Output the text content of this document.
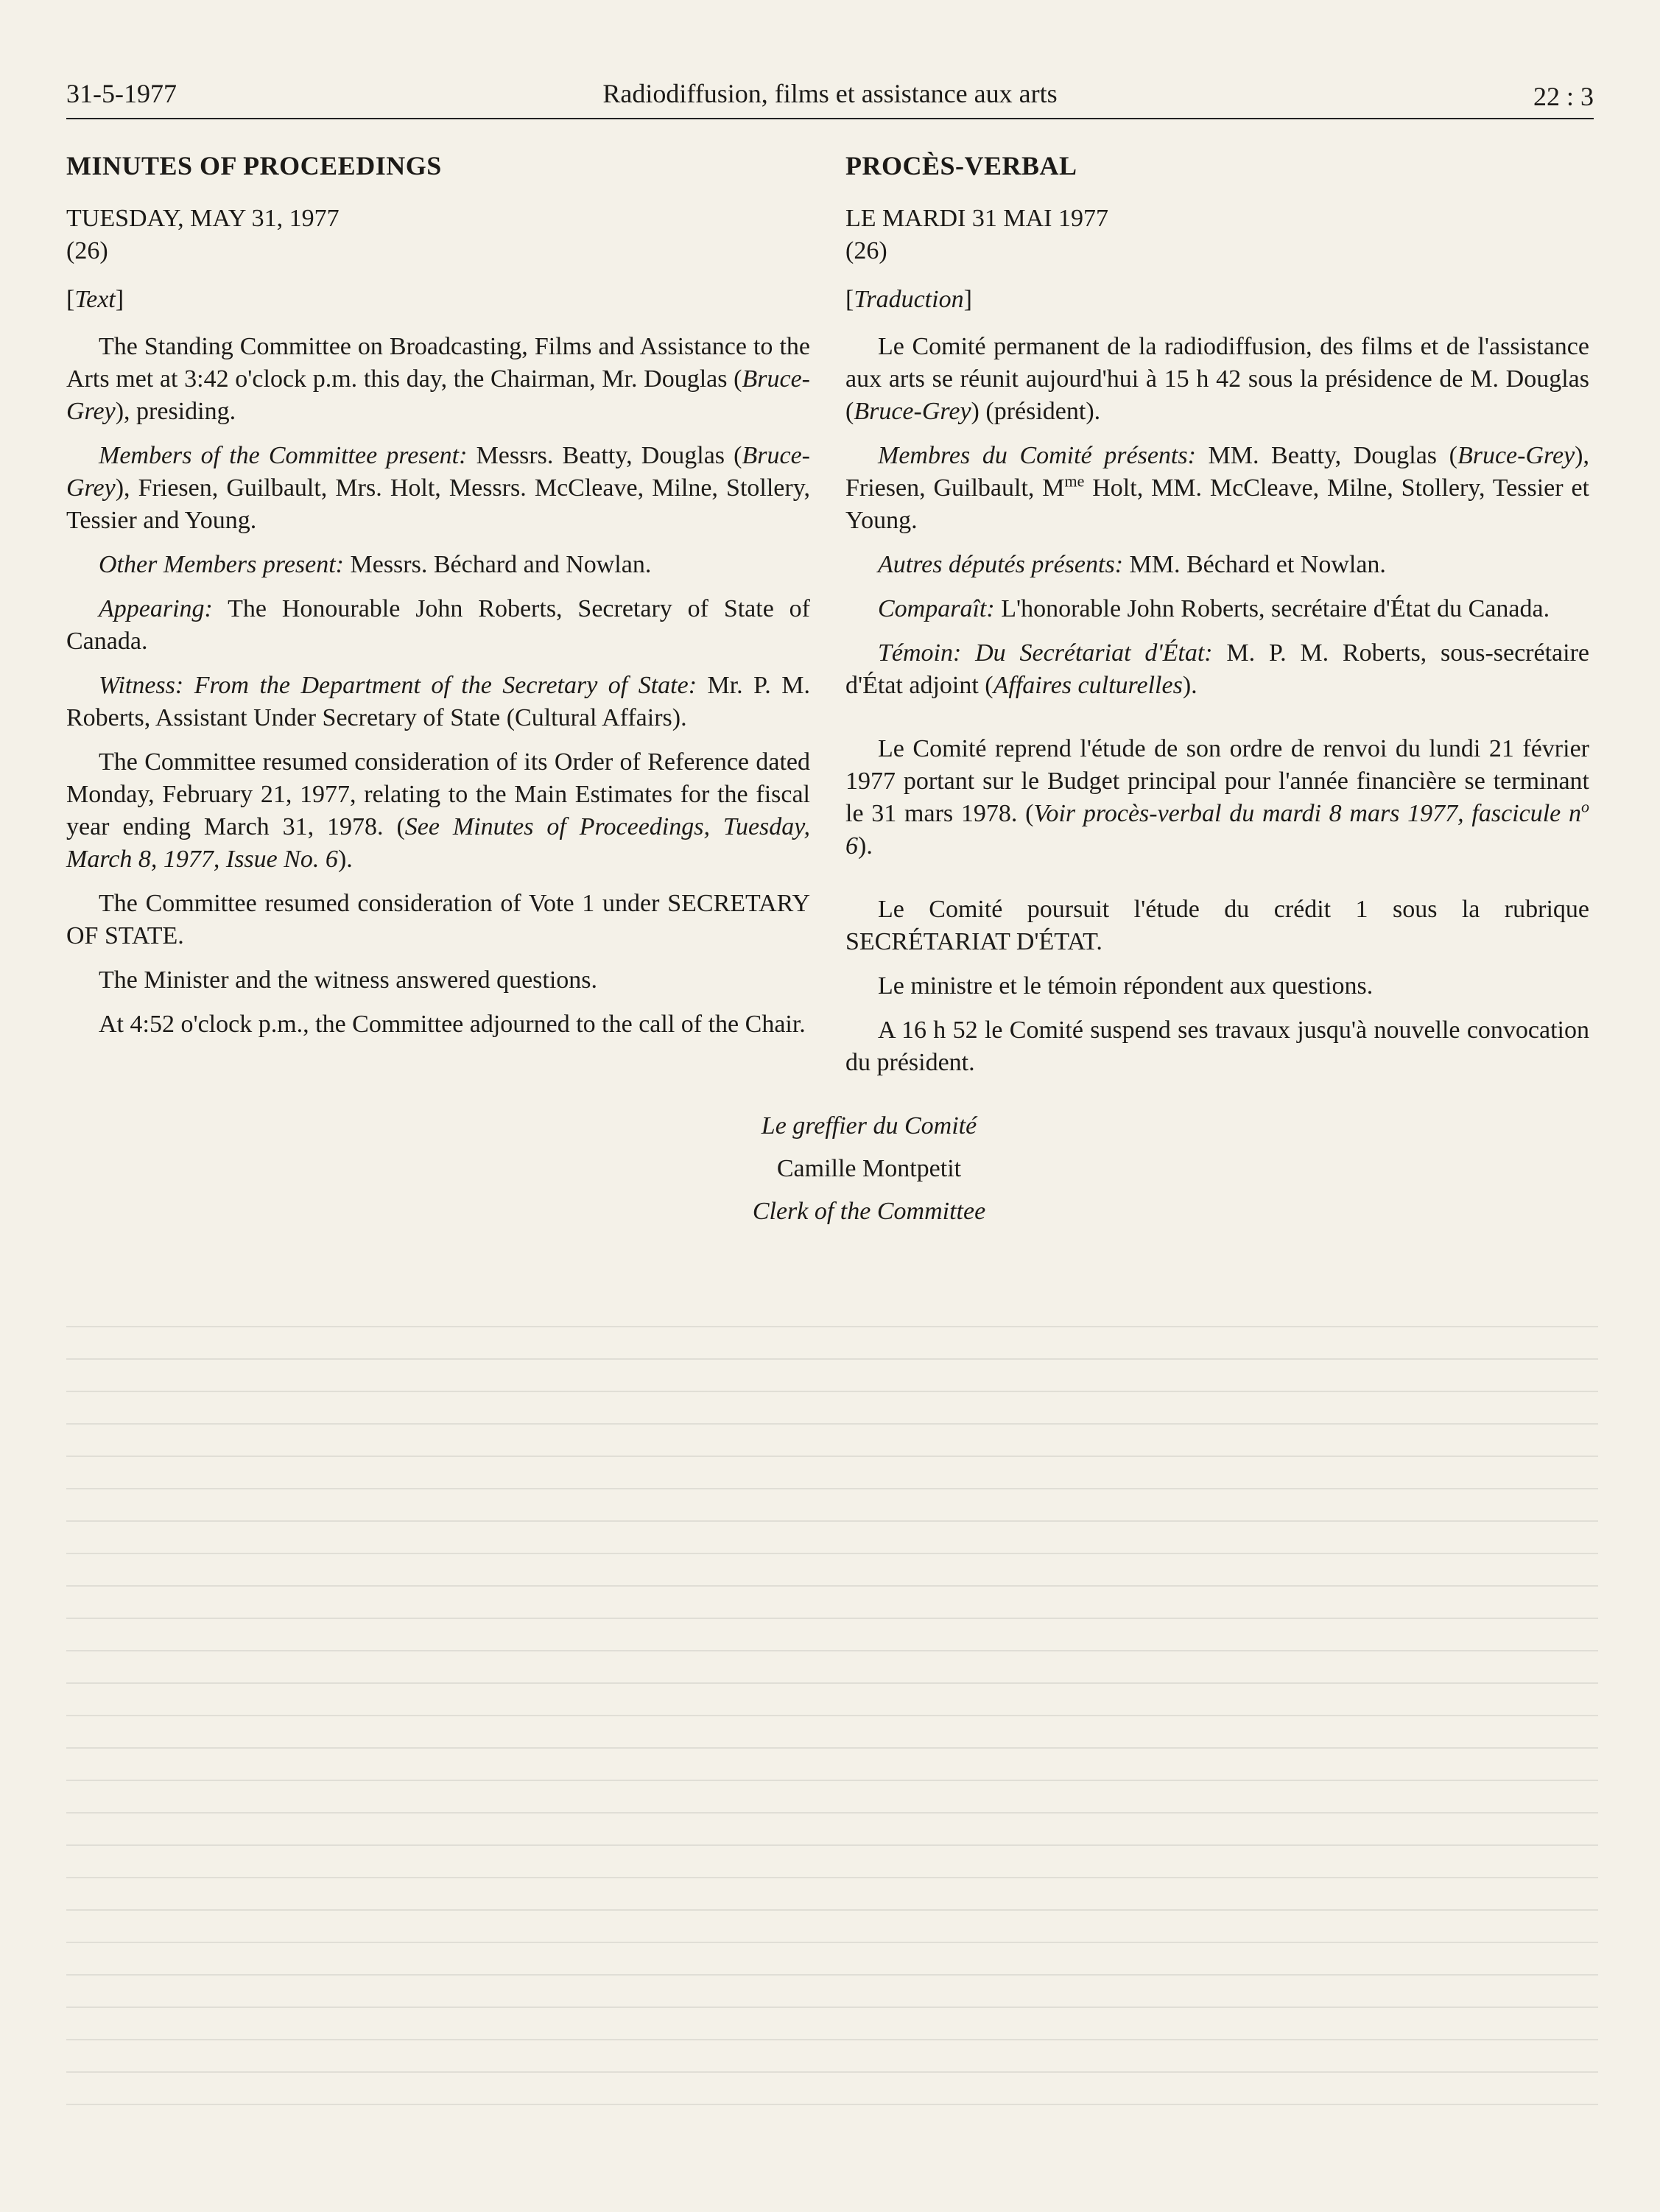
31-5-1977	Radiodiffusion, films et assistance aux arts	22 : 3

MINUTES OF PROCEEDINGS

TUESDAY, MAY 31, 1977
(26)

[ Text ]

The Standing Committee on Broadcasting, Films and Assistance to the Arts met at 3:42 o'clock p.m. this day, the Chairman, Mr. Douglas (Bruce-Grey), presiding.

Members of the Committee present: Messrs. Beatty, Douglas (Bruce-Grey), Friesen, Guilbault, Mrs. Holt, Messrs. McCleave, Milne, Stollery, Tessier and Young.

Other Members present: Messrs. Béchard and Nowlan.

Appearing: The Honourable John Roberts, Secretary of State of Canada.

Witness: From the Department of the Secretary of State: Mr. P. M. Roberts, Assistant Under Secretary of State (Cultural Affairs).

The Committee resumed consideration of its Order of Reference dated Monday, February 21, 1977, relating to the Main Estimates for the fiscal year ending March 31, 1978. (See Minutes of Proceedings, Tuesday, March 8, 1977, Issue No. 6).

The Committee resumed consideration of Vote 1 under SECRETARY OF STATE.

The Minister and the witness answered questions.

At 4:52 o'clock p.m., the Committee adjourned to the call of the Chair.

PROCÈS-VERBAL

LE MARDI 31 MAI 1977
(26)

[ Traduction ]

Le Comité permanent de la radiodiffusion, des films et de l'assistance aux arts se réunit aujourd'hui à 15 h 42 sous la présidence de M. Douglas (Bruce-Grey) (président).

Membres du Comité présents: MM. Beatty, Douglas (Bruce-Grey), Friesen, Guilbault, $M^{me}$ Holt, MM. McCleave, Milne, Stollery, Tessier et Young.

Autres députés présents: MM. Béchard et Nowlan.

Comparaît: L'honorable John Roberts, secrétaire d'État du Canada.

Témoin: Du Secrétariat d'État: M. P. M. Roberts, sous-secrétaire d'État adjoint (Affaires culturelles).

Le Comité reprend l'étude de son ordre de renvoi du lundi 21 février 1977 portant sur le Budget principal pour l'année financière se terminant le 31 mars 1978. (Voir procès-verbal du mardi 8 mars 1977, fascicule $n^o$ 6).

Le Comité poursuit l'étude du crédit 1 sous la rubrique SECRÉTARIAT D'ÉTAT.

Le ministre et le témoin répondent aux questions.

A 16 h 52 le Comité suspend ses travaux jusqu'à nouvelle convocation du président.

Le greffier du Comité
Camille Montpetit
Clerk of the Committee
